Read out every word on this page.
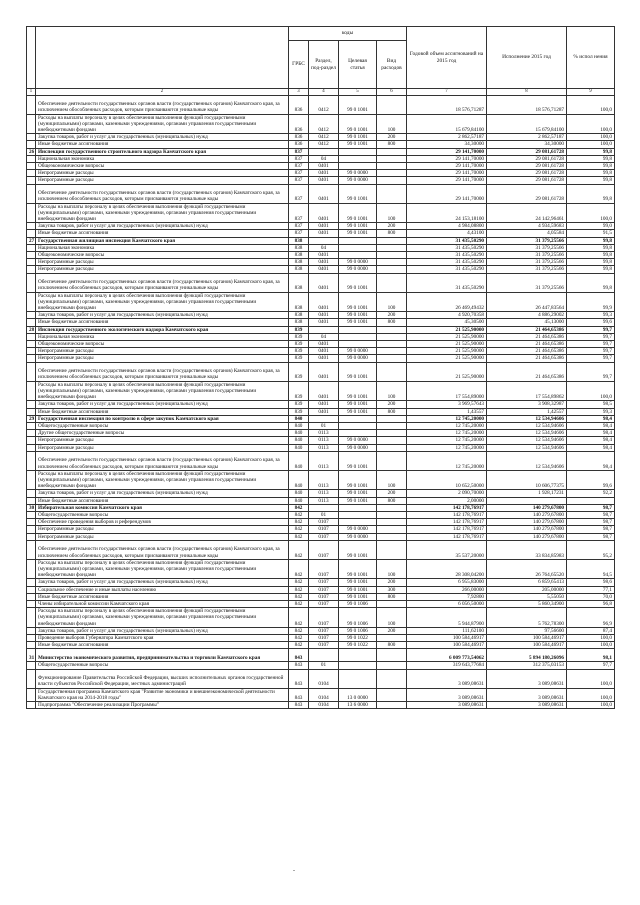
		коды				Годовой объем ассигнований на 2015 год	Исполнение 2015 год	% испол нения
		ГРБС	Раздел, под-раздел	Целевая статья	Вид расходов			
1	2	3	4	5	6	7	8	9
	Обеспечение деятельности государственных органов власти (государственных органов) Камчатского края, за исключением обособленных расходов, которым присваиваются уникальные коды	836	0412	99 0 1001		18 576,71287	18 576,71287	100,0
	Расходы на выплаты персоналу в целях обеспечения выполнения функций государственными (муниципальными) органами, казенными учреждениями, органами управления государственными внебюджетными фондами	836	0412	99 0 1001	100	15 679,84100	15 679,84100	100,0
	Закупка товаров, работ и услуг для государственных (муниципальных) нужд	836	0412	99 0 1001	200	2 862,57187	2 862,57187	100,0
	Иные бюджетные ассигнования	836	0412	99 0 1001	800	34,30000	34,30000	100,0
26	Инспекция государственного строительного надзора Камчатского края	837				29 141,70000	29 081,61728	99,8
	Национальная экономика	837	04			29 141,70000	29 081,61728	99,8
	Общеэкономические вопросы	837	0401			29 141,70000	29 081,61728	99,8
	Непрограммные расходы	837	0401	99 0 0000		29 141,70000	29 081,61728	99,8
	Непрограммные расходы	837	0401	99 0 0000		29 141,70000	29 081,61728	99,8
	Обеспечение деятельности государственных органов власти (государственных органов) Камчатского края, за исключением обособленных расходов, которым присваиваются уникальные коды	837	0401	99 0 1001		29 141,70000	29 081,61728	99,8
	Расходы на выплаты персоналу в целях обеспечения выполнения функций государственными (муниципальными) органами, казенными учреждениями, органами управления государственными внебюджетными фондами	837	0401	99 0 1001	100	24 153,18100	24 142,96461	100,0
	Закупка товаров, работ и услуг для государственных (муниципальных) нужд	837	0401	99 0 1001	200	4 984,08800	4 934,59683	99,0
	Иные бюджетные ассигнования	837	0401	99 0 1001	800	4,43100	4,05584	91,5
27	Государственная жилищная инспекция Камчатского края	838				31 435,50290	31 379,25566	99,8
	Национальная экономика	838	04			31 435,50290	31 379,25566	99,8
	Общеэкономические вопросы	838	0401			31 435,50290	31 379,25566	99,8
	Непрограммные расходы	838	0401	99 0 0000		31 435,50290	31 379,25566	99,8
	Непрограммные расходы	838	0401	99 0 0000		31 435,50290	31 379,25566	99,8
	Обеспечение деятельности государственных органов власти (государственных органов) Камчатского края, за исключением обособленных расходов, которым присваиваются уникальные коды	838	0401	99 0 1001		31 435,50290	31 379,25566	99,8
	Расходы на выплаты персоналу в целях обеспечения выполнения функций государственными (муниципальными) органами, казенными учреждениями, органами управления государственными внебюджетными фондами	838	0401	99 0 1001	100	26 469,49432	26 447,83564	99,9
	Закупка товаров, работ и услуг для государственных (муниципальных) нужд	838	0401	99 0 1001	200	4 920,70358	4 886,29002	99,3
	Иные бюджетные ассигнования	838	0401	99 0 1001	800	45,30500	45,13000	99,6
28	Инспекция государственного экологического надзора Камчатского края	839				21 525,90000	21 464,65386	99,7
	Национальная экономика	839	04			21 525,90000	21 464,65386	99,7
	Общеэкономические вопросы	839	0401			21 525,90000	21 464,65386	99,7
	Непрограммные расходы	839	0401	99 0 0000		21 525,90000	21 464,65386	99,7
	Непрограммные расходы	839	0401	99 0 0000		21 525,90000	21 464,65386	99,7
	Обеспечение деятельности государственных органов власти (государственных органов) Камчатского края, за исключением обособленных расходов, которым присваиваются уникальные коды	839	0401	99 0 1001		21 525,90000	21 464,65386	99,7
	Расходы на выплаты персоналу в целях обеспечения выполнения функций государственными (муниципальными) органами, казенными учреждениями, органами управления государственными внебюджетными фондами	839	0401	99 0 1001	100	17 554,89000	17 554,89862	100,0
	Закупка товаров, работ и услуг для государственных (муниципальных) нужд	839	0401	99 0 1001	200	3 969,57643	3 908,32987	98,5
	Иные бюджетные ассигнования	839	0401	99 0 1001	800	1,43557	1,42557	99,3
29	Государственная инспекция по контролю в сфере закупок Камчатского края	840				12 745,20000	12 534,94606	98,4
	Общегосударственные вопросы	840	01			12 745,20000	12 534,94606	98,4
	Другие общегосударственные вопросы	840	0113			12 745,20000	12 534,94606	98,4
	Непрограммные расходы	840	0113	99 0 0000		12 745,20000	12 534,94606	98,4
	Непрограммные расходы	840	0113	99 0 0000		12 745,20000	12 534,94606	98,4
	Обеспечение деятельности государственных органов власти (государственных органов) Камчатского края, за исключением обособленных расходов, которым присваиваются уникальные коды	840	0113	99 0 1001		12 745,20000	12 534,94606	98,4
	Расходы на выплаты персоналу в целях обеспечения выполнения функций государственными (муниципальными) органами, казенными учреждениями, органами управления государственными внебюджетными фондами	840	0113	99 0 1001	100	10 652,50000	10 606,77375	99,6
	Закупка товаров, работ и услуг для государственных (муниципальных) нужд	840	0113	99 0 1001	200	2 090,70000	1 928,17231	92,2
	Иные бюджетные ассигнования	840	0113	99 0 1001	800	2,00000		
30	Избирательная комиссия Камчатского края	842				142 178,76917	140 279,67800	98,7
	Общегосударственные вопросы	842	01			142 178,76917	140 279,67800	98,7
	Обеспечение проведения выборов и референдумов	842	0107			142 178,76917	140 279,67800	98,7
	Непрограммные расходы	842	0107	99 0 0000		142 178,76917	140 279,67800	98,7
	Непрограммные расходы	842	0107	99 0 0000		142 178,76917	140 279,67800	98,7
	Обеспечение деятельности государственных органов власти (государственных органов) Камчатского края, за исключением обособленных расходов, которым присваиваются уникальные коды	842	0107	99 0 1001		35 537,20000	33 834,85983	95,2
	Расходы на выплаты персоналу в целях обеспечения выполнения функций государственными (муниципальными) органами, казенными учреждениями, органами управления государственными внебюджетными фондами	842	0107	99 0 1001	100	28 308,04200	26 764,65520	94,5
	Закупка товаров, работ и услуг для государственных (муниципальных) нужд	842	0107	99 0 1001	200	6 955,83000	6 859,65413	98,6
	Социальное обеспечение и иные выплаты населению	842	0107	99 0 1001	300	266,00000	205,00000	77,1
	Иные бюджетные ассигнования	842	0107	99 0 1001	800	7,92800	5,55050	70,0
	Члены избирательной комиссии Камчатского края	842	0107	99 0 1006		6 056,50000	5 860,34900	96,8
	Расходы на выплаты персоналу в целях обеспечения выполнения функций государственными (муниципальными) органами, казенными учреждениями, органами управления государственными внебюджетными фондами	842	0107	99 0 1006	100	5 944,87900	5 762,78300	96,9
	Закупка товаров, работ и услуг для государственных (муниципальных) нужд	842	0107	99 0 1006	200	111,62100	97,56600	87,4
	Проведение выборов Губернатора Камчатского края	842	0107	99 0 1022		100 584,46917	100 584,46917	100,0
	Иные бюджетные ассигнования	842	0107	99 0 1022	800	100 584,46917	100 584,46917	100,0
31	Министерство экономического развития, предпринимательства и торговли Камчатского края	843				6 009 773,54062	5 894 180,26096	98,1
	Общегосударственные вопросы	843	01			319 643,77684	312 375,03153	97,7
	Функционирование Правительства Российской Федерации, высших исполнительных органов государственной власти субъектов Российской Федерации, местных администраций	843	0104			3 089,08631	3 089,08631	100,0
	Государственная программа Камчатского края "Развитие экономики и внешнеэкономической деятельности Камчатского края на 2014-2018 годы"	843	0104	13 0 0000		3 089,08631	3 089,08631	100,0
	Подпрограмма "Обеспечение реализации Программы"	843	0104	13 6 0000		3 089,08631	3 089,08631	100,0
-
